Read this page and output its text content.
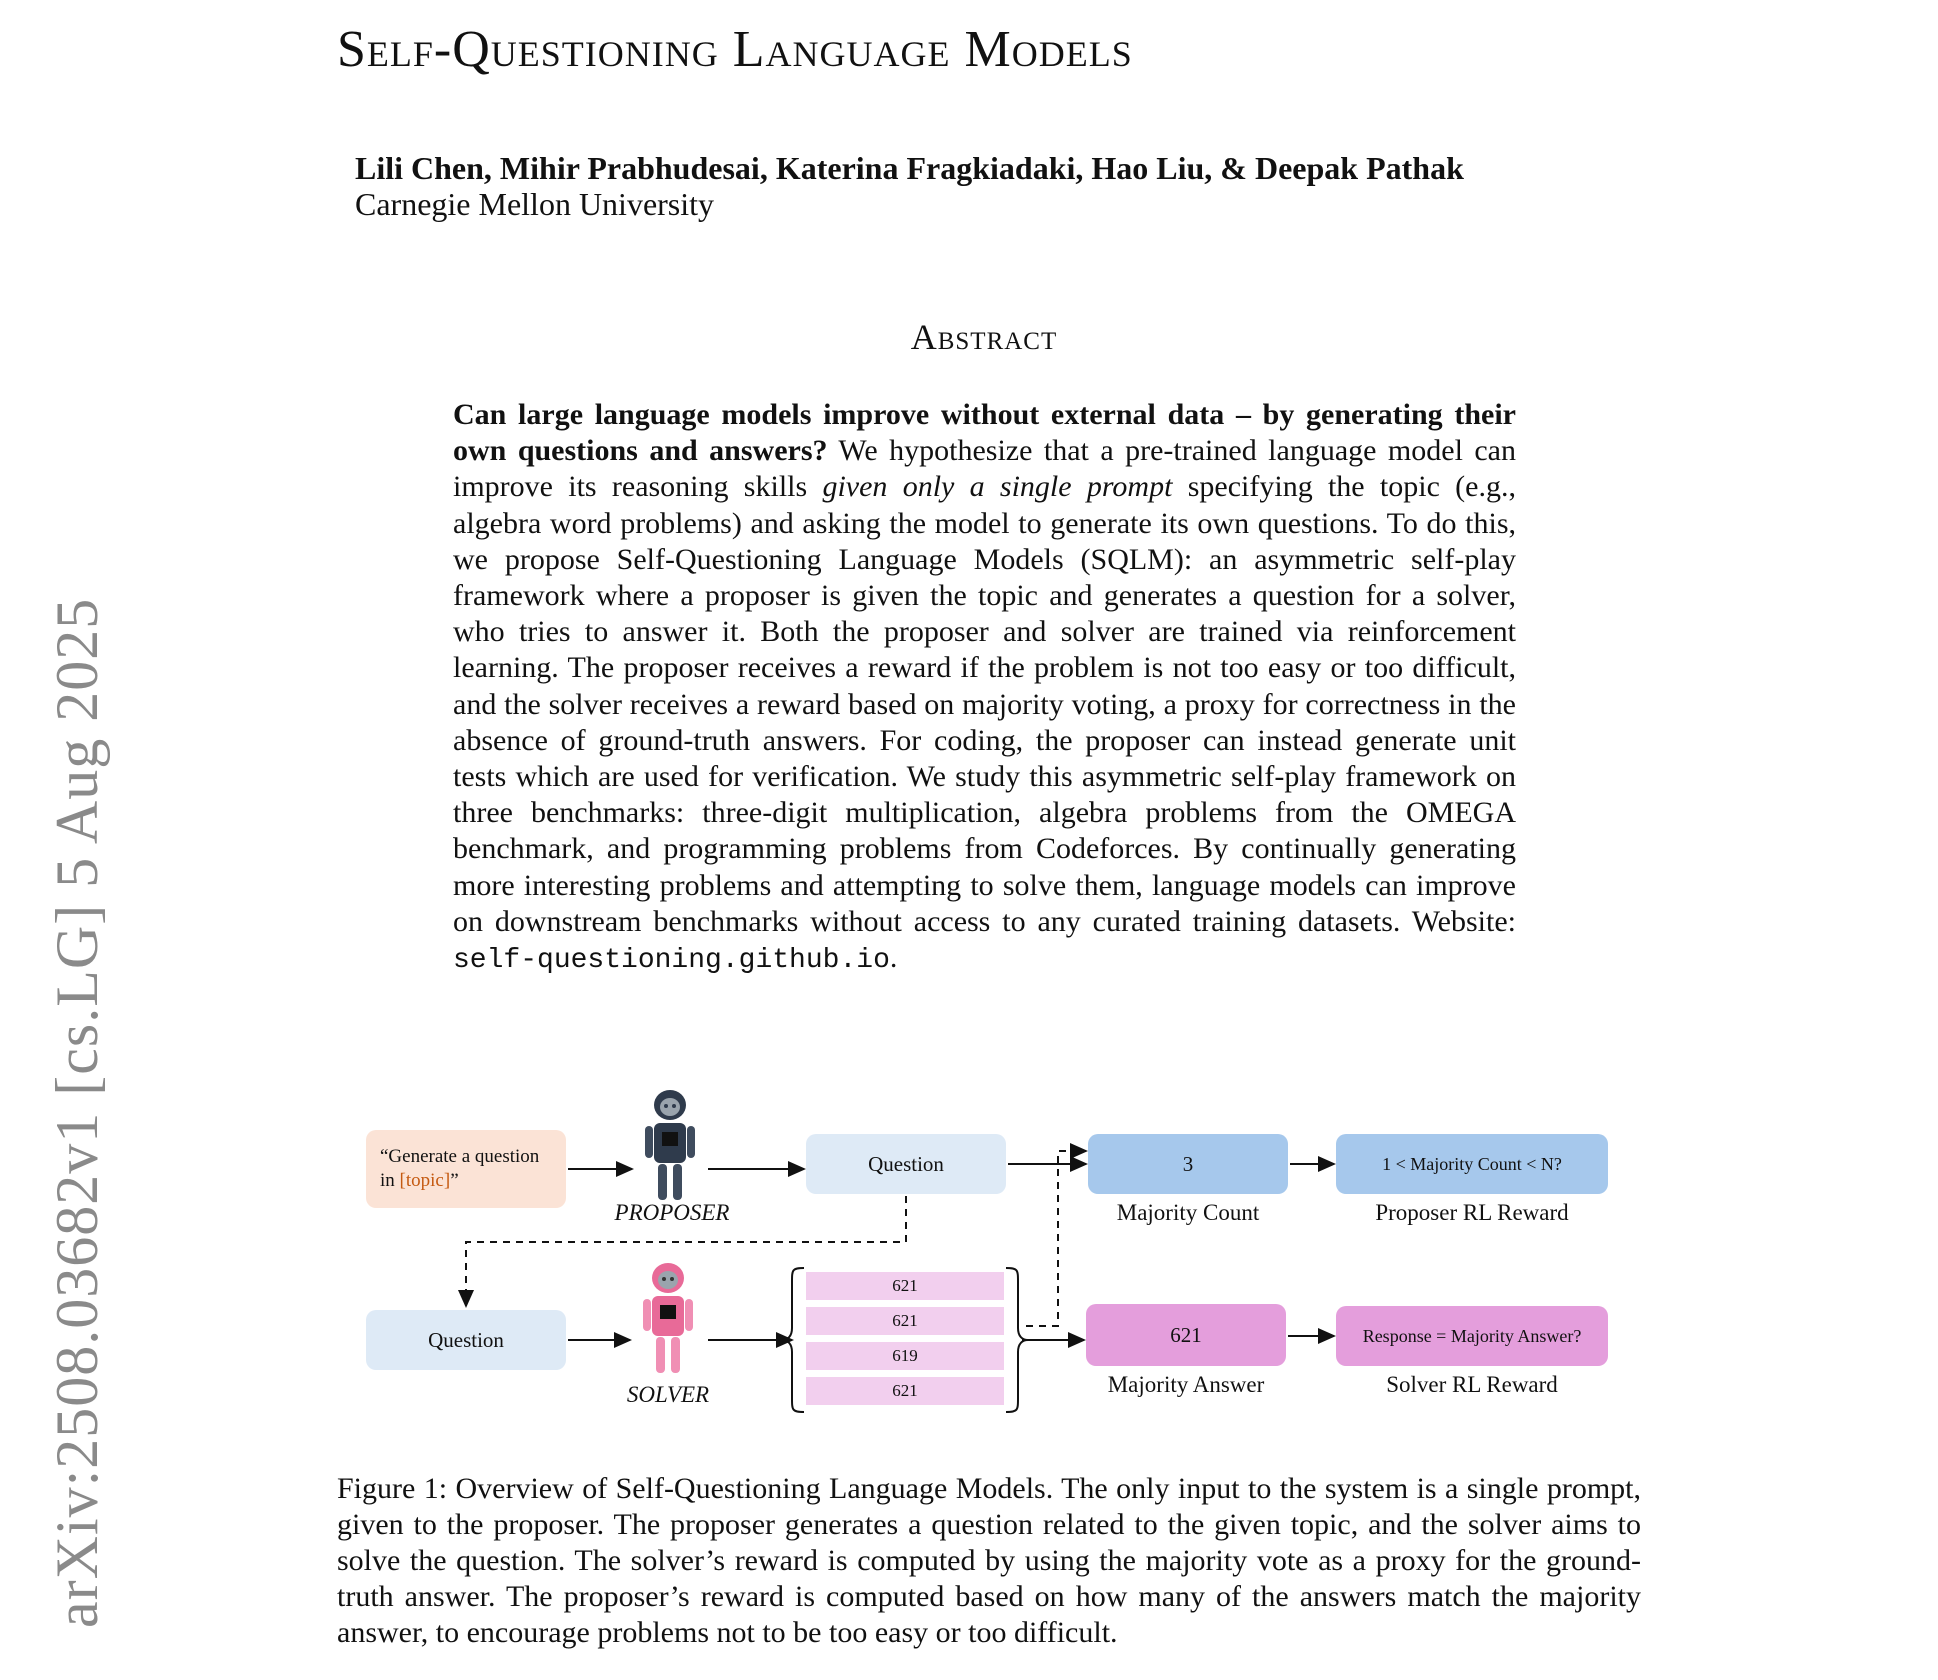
arXiv:2508.03682v1 [cs.LG] 5 Aug 2025
Self-Questioning Language Models
Lili Chen, Mihir Prabhudesai, Katerina Fragkiadaki, Hao Liu, & Deepak Pathak
Carnegie Mellon University
Abstract
Can large language models improve without external data – by generating their own questions and answers? We hypothesize that a pre-trained language model can improve its reasoning skills given only a single prompt specifying the topic (e.g., algebra word problems) and asking the model to generate its own questions. To do this, we propose Self-Questioning Language Models (SQLM): an asymmetric self-play framework where a proposer is given the topic and generates a question for a solver, who tries to answer it. Both the proposer and solver are trained via reinforcement learning. The proposer receives a reward if the problem is not too easy or too difficult, and the solver receives a reward based on majority voting, a proxy for correctness in the absence of ground-truth answers. For coding, the proposer can instead generate unit tests which are used for verification. We study this asymmetric self-play framework on three benchmarks: three-digit multiplication, algebra problems from the OMEGA benchmark, and programming problems from Codeforces. By continually generating more interesting problems and attempting to solve them, language models can improve on downstream benchmarks without access to any curated training datasets. Website: self-questioning.github.io.
“Generate a question in [topic]”
PROPOSER
Question
Question
SOLVER
621
621
619
621
3
Majority Count
1 < Majority Count < N?
Proposer RL Reward
621
Majority Answer
Response = Majority Answer?
Solver RL Reward
Figure 1: Overview of Self-Questioning Language Models. The only input to the system is a single prompt, given to the proposer. The proposer generates a question related to the given topic, and the solver aims to solve the question. The solver’s reward is computed by using the majority vote as a proxy for the ground-truth answer. The proposer’s reward is computed based on how many of the answers match the majority answer, to encourage problems not to be too easy or too difficult.
